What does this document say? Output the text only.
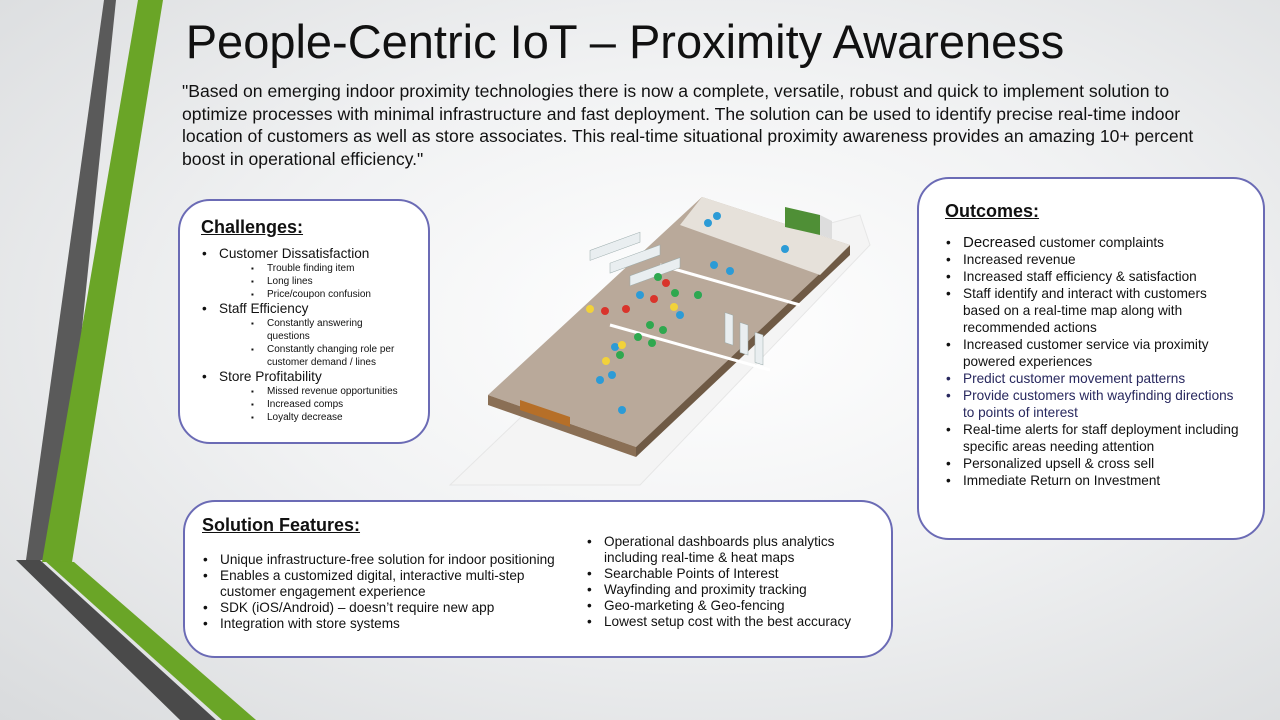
People-Centric IoT – Proximity Awareness
"Based on emerging indoor proximity technologies there is now a complete, versatile, robust and quick to implement solution to optimize processes with minimal infrastructure and fast deployment. The solution can be used to identify precise real-time indoor location of customers as well as store associates. This real-time situational proximity awareness provides an amazing 10+ percent boost in operational efficiency."
Challenges:
• Customer Dissatisfaction
▪ Trouble finding item
▪ Long lines
▪ Price/coupon confusion
• Staff Efficiency
▪ Constantly answering questions
▪ Constantly changing role per customer demand / lines
• Store Profitability
▪ Missed revenue opportunities
▪ Increased comps
▪ Loyalty decrease
Outcomes:
• Decreased customer complaints
• Increased revenue
• Increased staff efficiency & satisfaction
• Staff identify and interact with customers based on a real-time map along with recommended actions
• Increased customer service via proximity powered experiences
• Predict customer movement patterns
• Provide customers with wayfinding directions to points of interest
• Real-time alerts for staff deployment including specific areas needing attention
• Personalized upsell & cross sell
• Immediate Return on Investment
Solution Features:
• Unique infrastructure-free solution for indoor positioning
• Enables a customized digital, interactive multi-step customer engagement experience
• SDK (iOS/Android) – doesn’t require new app
• Integration with store systems
• Operational dashboards plus analytics including real-time & heat maps
• Searchable Points of Interest
• Wayfinding and proximity tracking
• Geo-marketing & Geo-fencing
• Lowest setup cost with the best accuracy
